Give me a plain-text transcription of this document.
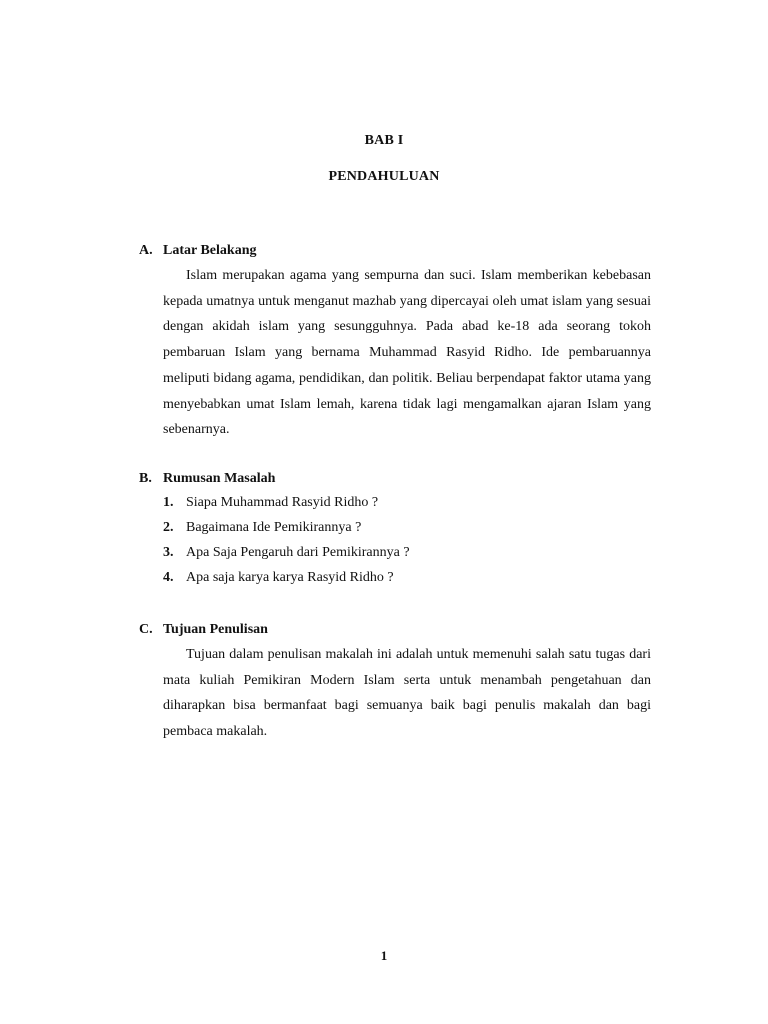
BAB I
PENDAHULUAN
A. Latar Belakang

Islam merupakan agama yang sempurna dan suci. Islam memberikan kebebasan kepada umatnya untuk menganut mazhab yang dipercayai oleh umat islam yang sesuai dengan akidah islam yang sesungguhnya. Pada abad ke-18 ada seorang tokoh pembaruan Islam yang bernama Muhammad Rasyid Ridho. Ide pembaruannya meliputi bidang agama, pendidikan, dan politik. Beliau berpendapat faktor utama yang menyebabkan umat Islam lemah, karena tidak lagi mengamalkan ajaran Islam yang sebenarnya.

B. Rumusan Masalah
1. Siapa Muhammad Rasyid Ridho ?
2. Bagaimana Ide Pemikirannya ?
3. Apa Saja Pengaruh dari Pemikirannya ?
4. Apa saja karya karya Rasyid Ridho ?
C. Tujuan Penulisan

Tujuan dalam penulisan makalah ini adalah untuk memenuhi salah satu tugas dari mata kuliah Pemikiran Modern Islam serta untuk menambah pengetahuan dan diharapkan bisa bermanfaat bagi semuanya baik bagi penulis makalah dan bagi pembaca makalah.

1
